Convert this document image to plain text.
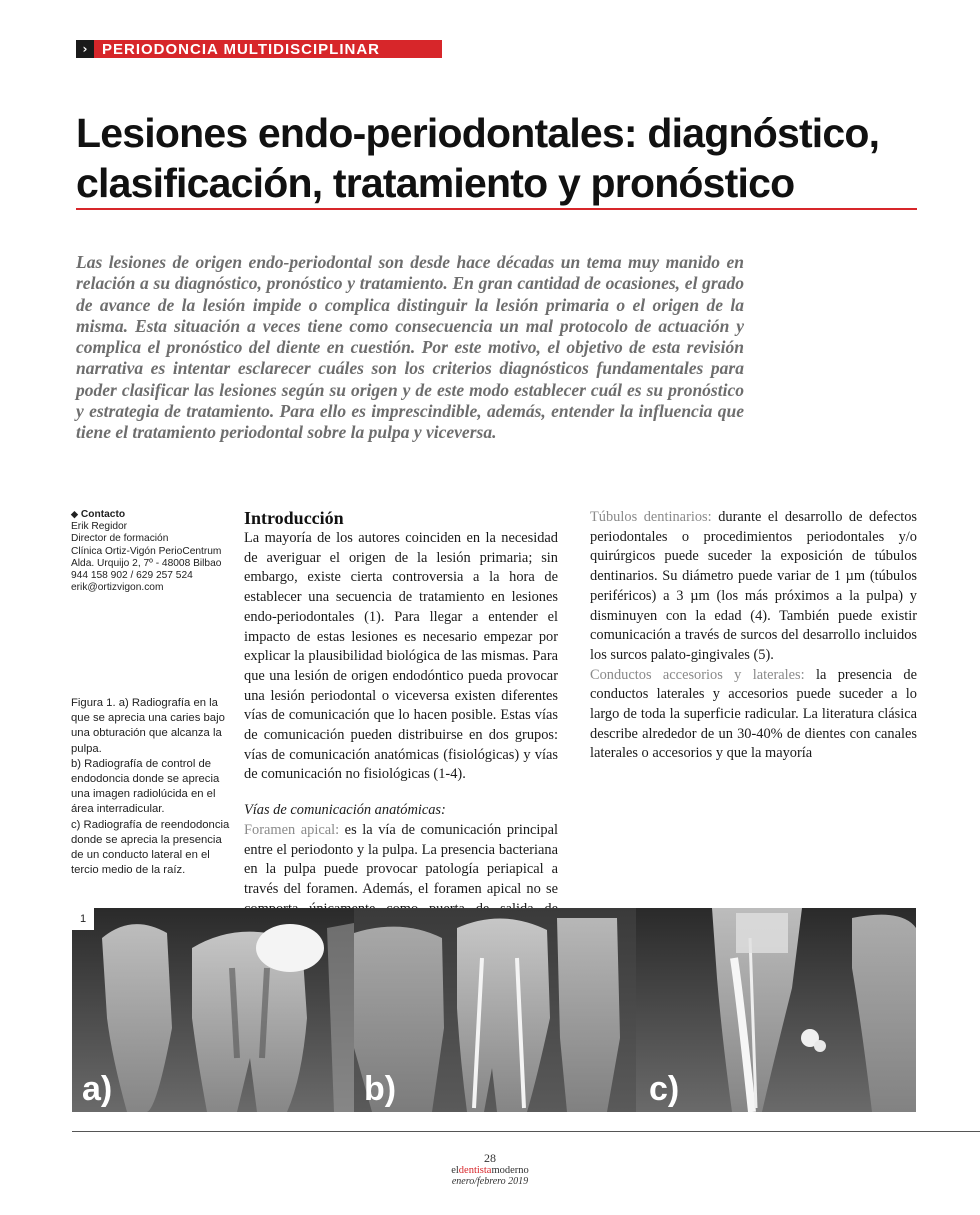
› PERIODONCIA MULTIDISCIPLINAR
Lesiones endo-periodontales: diagnóstico, clasificación, tratamiento y pronóstico

Las lesiones de origen endo-periodontal son desde hace décadas un tema muy manido en relación a su diagnóstico, pronóstico y tratamiento. En gran cantidad de ocasiones, el grado de avance de la lesión impide o complica distinguir la lesión primaria o el origen de la misma. Esta situación a veces tiene como consecuencia un mal protocolo de actuación y complica el pronóstico del diente en cuestión. Por este motivo, el objetivo de esta revisión narrativa es intentar esclarecer cuáles son los criterios diagnósticos fundamentales para poder clasificar las lesiones según su origen y de este modo establecer cuál es su pronóstico y estrategia de tratamiento. Para ello es imprescindible, además, entender la influencia que tiene el tratamiento periodontal sobre la pulpa y viceversa.

◆ Contacto
Erik Regidor
Director de formación
Clínica Ortiz-Vigón PerioCentrum
Alda. Urquijo 2, 7º - 48008 Bilbao
944 158 902 / 629 257 524
erik@ortizvigon.com

Figura 1. a) Radiografía en la que se aprecia una caries bajo una obturación que alcanza la pulpa.

b) Radiografía de control de endodoncia donde se aprecia una imagen radiolúcida en el área interradicular.

c) Radiografía de reendodoncia donde se aprecia la presencia de un conducto lateral en el tercio medio de la raíz.

Introducción

La mayoría de los autores coinciden en la necesidad de averiguar el origen de la lesión primaria; sin embargo, existe cierta controversia a la hora de establecer una secuencia de tratamiento en lesiones endo-periodontales (1). Para llegar a entender el impacto de estas lesiones es necesario empezar por explicar la plausibilidad biológica de las mismas. Para que una lesión de origen endodóntico pueda provocar una lesión periodontal o viceversa existen diferentes vías de comunicación que lo hacen posible. Estas vías de comunicación pueden distribuirse en dos grupos: vías de comunicación anatómicas (fisiológicas) y vías de comunicación no fisiológicas (1-4).

Vías de comunicación anatómicas:

Foramen apical: es la vía de comunicación principal entre el periodonto y la pulpa. La presencia bacteriana en la pulpa puede provocar patología periapical a través del foramen. Además, el foramen apical no se

Túbulos dentinarios: durante el desarrollo de defectos periodontales o procedimientos periodontales y/o quirúrgicos puede suceder la exposición de túbulos dentinarios. Su diámetro puede variar de 1 µm (túbulos periféricos) a 3 µm (los más próximos a la pulpa) y disminuyen con la edad (4). También puede existir comunicación a través de surcos del desarrollo incluidos los surcos palato-gingivales (5).

Conductos accesorios y laterales: la presencia de conductos laterales y accesorios puede suceder a lo largo de toda la superficie radicular. La literatura clásica describe alrededor de un 30-40% de dientes con canales laterales o accesorios y que la mayoría

a)	b)	c)
1
28
eldentistamoderno
enero/febrero 2019
